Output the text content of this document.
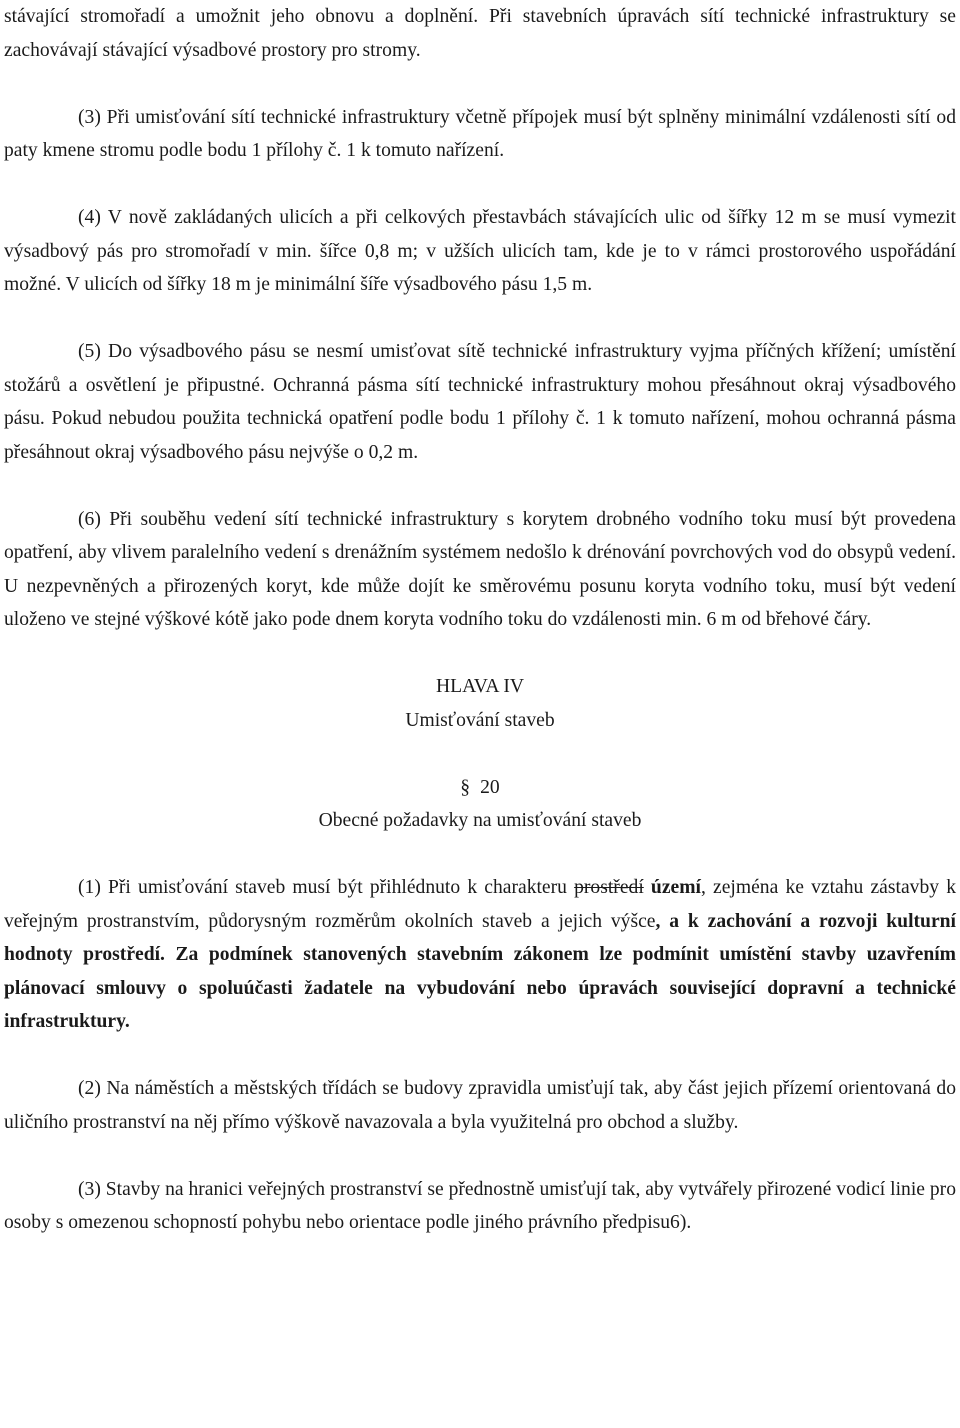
stávající stromořadí a umožnit jeho obnovu a doplnění. Při stavebních úpravách sítí technické infrastruktury se zachovávají stávající výsadbové prostory pro stromy.

(3) Při umisťování sítí technické infrastruktury včetně přípojek musí být splněny minimální vzdálenosti sítí od paty kmene stromu podle bodu 1 přílohy č. 1 k tomuto nařízení.

(4) V nově zakládaných ulicích a při celkových přestavbách stávajících ulic od šířky 12 m se musí vymezit výsadbový pás pro stromořadí v min. šířce 0,8 m; v užších ulicích tam, kde je to v rámci prostorového uspořádání možné. V ulicích od šířky 18 m je minimální šíře výsadbového pásu 1,5 m.

(5) Do výsadbového pásu se nesmí umisťovat sítě technické infrastruktury vyjma příčných křížení; umístění stožárů a osvětlení je připustné. Ochranná pásma sítí technické infrastruktury mohou přesáhnout okraj výsadbového pásu. Pokud nebudou použita technická opatření podle bodu 1 přílohy č. 1 k tomuto nařízení, mohou ochranná pásma přesáhnout okraj výsadbového pásu nejvýše o 0,2 m.

(6) Při souběhu vedení sítí technické infrastruktury s korytem drobného vodního toku musí být provedena opatření, aby vlivem paralelního vedení s drenážním systémem nedošlo k drénování povrchových vod do obsypů vedení. U nezpevněných a přirozených koryt, kde může dojít ke směrovému posunu koryta vodního toku, musí být vedení uloženo ve stejné výškové kótě jako pode dnem koryta vodního toku do vzdálenosti min. 6 m od břehové čáry.

HLAVA IV

Umisťování staveb

§ 20

Obecné požadavky na umisťování staveb

(1) Při umisťování staveb musí být přihlédnuto k charakteru prostředí území, zejména ke vztahu zástavby k veřejným prostranstvím, půdorysným rozměrům okolních staveb a jejich výšce, a k zachování a rozvoji kulturní hodnoty prostředí. Za podmínek stanovených stavebním zákonem lze podmínit umístění stavby uzavřením plánovací smlouvy o spoluúčasti žadatele na vybudování nebo úpravách související dopravní a technické infrastruktury.

(2) Na náměstích a městských třídách se budovy zpravidla umisťují tak, aby část jejich přízemí orientovaná do uličního prostranství na něj přímo výškově navazovala a byla využitelná pro obchod a služby.

(3) Stavby na hranici veřejných prostranství se přednostně umisťují tak, aby vytvářely přirozené vodicí linie pro osoby s omezenou schopností pohybu nebo orientace podle jiného právního předpisu6).
